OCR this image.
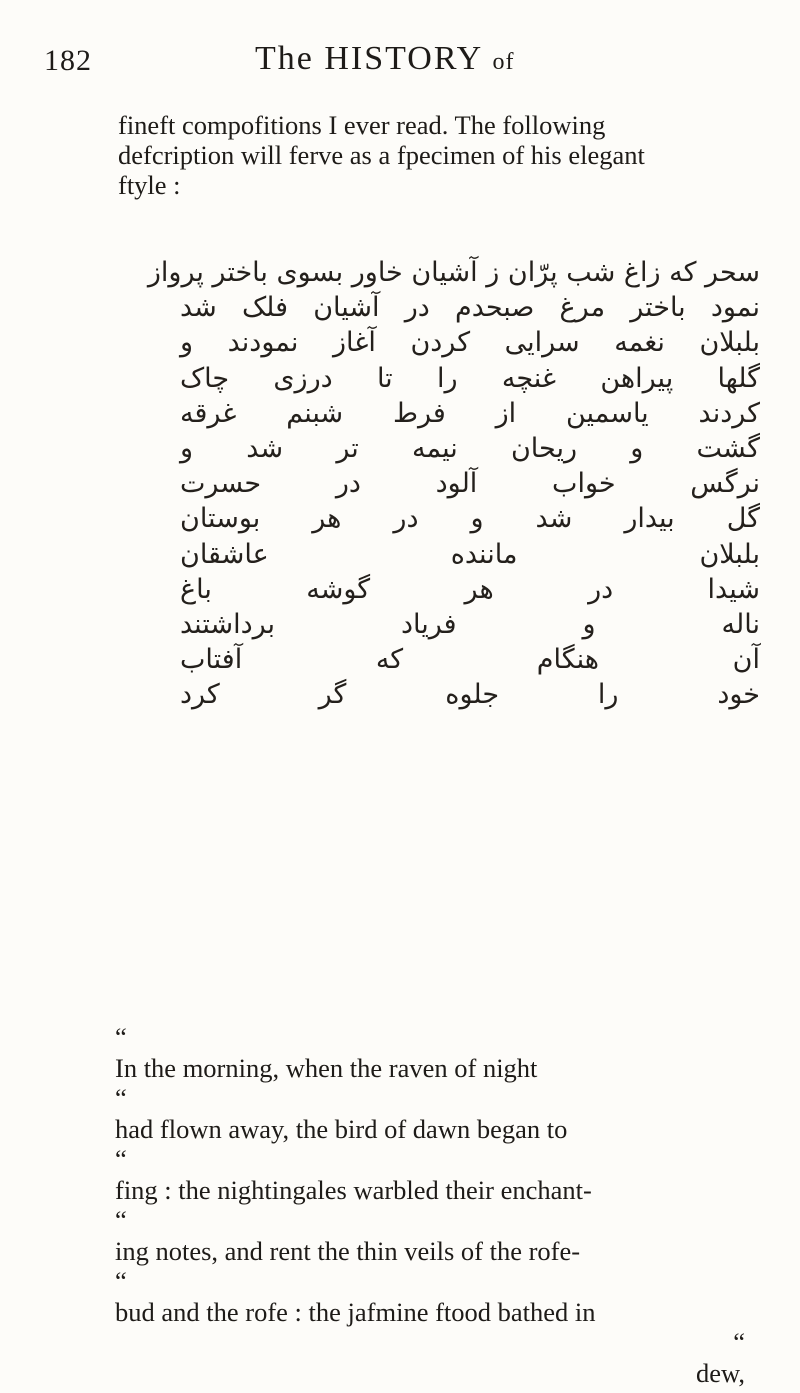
182	The HISTORY of

fineft compofitions I ever read. The following
defcription will ferve as a fpecimen of his elegant
ftyle :

سحر که زاغ شب پرّان ز آشیان خاور بسوی باختر پرواز
نمود باختر مرغ صبحدم در آشیان فلک شد
بلبلان نغمه سرایی کردن آغاز نمودند و
گلها پیراهن غنچه را تا درزی چاک
کردند یاسمین از فرط شبنم غرقه
گشت و ریحان نیمه تر شد و
نرگس خواب آلود در حسرت
گل بیدار شد و در هر بوستان
بلبلان ماننده عاشقان
شیدا در هر گوشه باغ
ناله و فریاد برداشتند
آن هنگام که آفتاب
خود را جلوه گر کرد

“
In the morning, when the raven of night
“
had flown away, the bird of dawn began to
“
fing : the nightingales warbled their enchant-
“
ing notes, and rent the thin veils of the rofe-
“
bud and the rofe : the jafmine ftood bathed in
“
dew,
